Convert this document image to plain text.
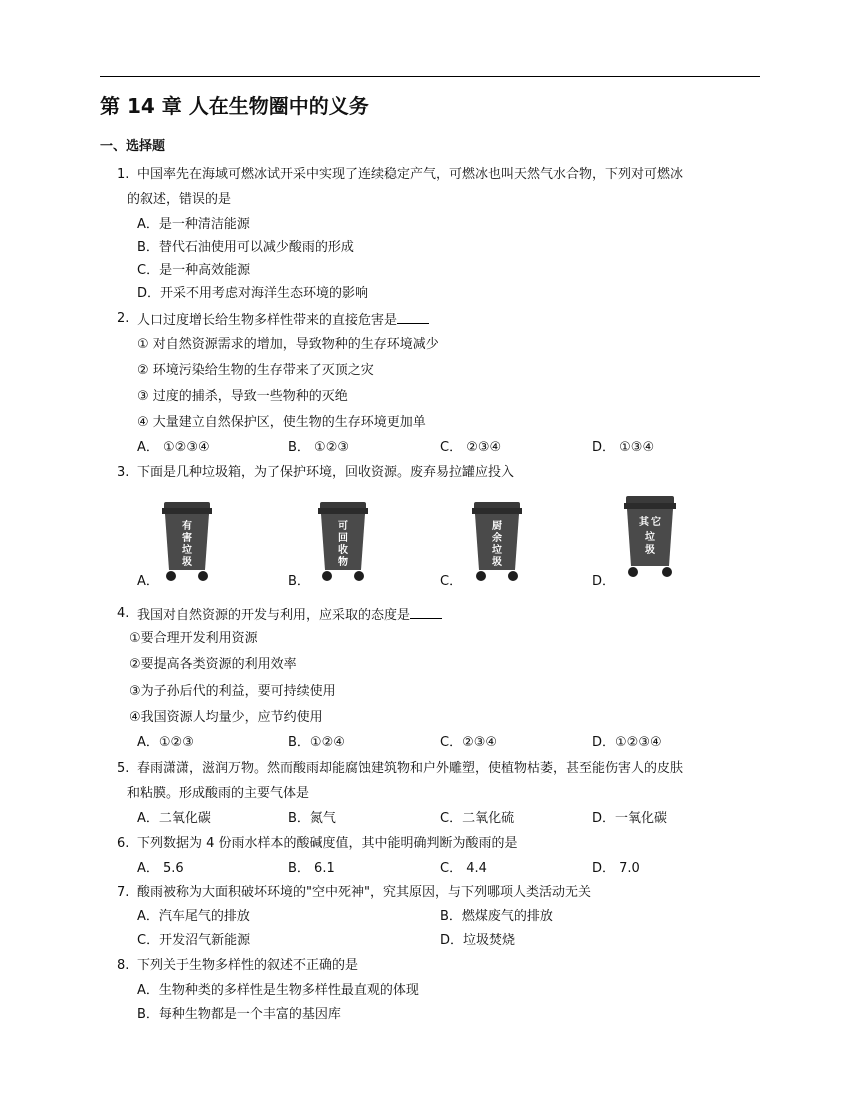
第 14 章 人在生物圈中的义务
一、选择题
1. 中国率先在海域可燃冰试开采中实现了连续稳定产气，可燃冰也叫天然气水合物，下列对可燃冰
的叙述，错误的是
A．是一种清洁能源
B．替代石油使用可以减少酸雨的形成
C．是一种高效能源
D．开采不用考虑对海洋生态环境的影响
2. 人口过度增长给生物多样性带来的直接危害是
① 对自然资源需求的增加，导致物种的生存环境减少
② 环境污染给生物的生存带来了灭顶之灾
③ 过度的捕杀，导致一些物种的灭绝
④ 大量建立自然保护区，使生物的生存环境更加单
A． ①②③④	B． ①②③	C． ②③④	D． ①③④
3. 下面是几种垃圾箱，为了保护环境，回收资源。废弃易拉罐应投入
A．	B．	C．	D．
有
害
垃
圾
可
回
收
物
厨
余
垃
圾
其 它
垃
圾
4. 我国对自然资源的开发与利用，应采取的态度是
①要合理开发利用资源
②要提高各类资源的利用效率
③为子孙后代的利益，要可持续使用
④我国资源人均量少，应节约使用
A．①②③	B．①②④	C．②③④	D．①②③④
5. 春雨潇潇，滋润万物。然而酸雨却能腐蚀建筑物和户外雕塑，使植物枯萎，甚至能伤害人的皮肤
和粘膜。形成酸雨的主要气体是
A．二氧化碳	B．氮气	C．二氧化硫	D．一氧化碳
6. 下列数据为 4 份雨水样本的酸碱度值，其中能明确判断为酸雨的是
A． 5.6	B． 6.1	C． 4.4	D． 7.0
7. 酸雨被称为大面积破坏环境的"空中死神"，究其原因，与下列哪项人类活动无关
A．汽车尾气的排放	B．燃煤废气的排放
C．开发沼气新能源	D．垃圾焚烧
8. 下列关于生物多样性的叙述不正确的是
A．生物种类的多样性是生物多样性最直观的体现
B．每种生物都是一个丰富的基因库
